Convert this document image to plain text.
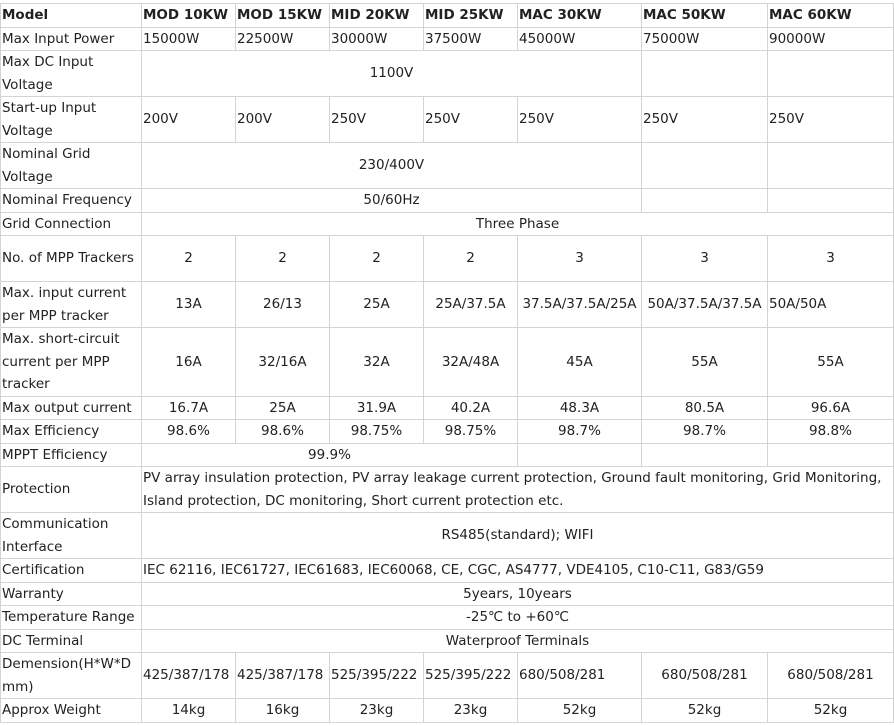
Model	MOD 10KW	MOD 15KW	MID 20KW	MID 25KW	MAC 30KW	MAC 50KW	MAC 60KW
Max Input Power	15000W	22500W	30000W	37500W	45000W	75000W	90000W
Max DC Input Voltage	1100V						
Start-up Input Voltage	200V	200V	250V	250V	250V	250V	250V
Nominal Grid Voltage	230/400V						
Nominal Frequency	50/60Hz						
Grid Connection	Three Phase						
No. of MPP Trackers	2	2	2	2	3	3	3
Max. input current per MPP tracker	13A	26/13	25A	25A/37.5A	37.5A/37.5A/25A	50A/37.5A/37.5A	50A/50A
Max. short-circuit current per MPP tracker	16A	32/16A	32A	32A/48A	45A	55A	55A
Max output current	16.7A	25A	31.9A	40.2A	48.3A	80.5A	96.6A
Max Efficiency	98.6%	98.6%	98.75%	98.75%	98.7%	98.7%	98.8%
MPPT Efficiency	99.9%						
Protection	PV array insulation protection, PV array leakage current protection, Ground fault monitoring, Grid Monitoring, Island protection, DC monitoring, Short current protection etc.						
Communication Interface	RS485(standard); WIFI						
Certification	IEC 62116, IEC61727, IEC61683, IEC60068, CE, CGC, AS4777, VDE4105, C10-C11, G83/G59						
Warranty	5years, 10years						
Temperature Range	-25℃ to +60℃						
DC Terminal	Waterproof Terminals						
Demension(H*W*D mm)	425/387/178	425/387/178	525/395/222	525/395/222	680/508/281	680/508/281	680/508/281
Approx Weight	14kg	16kg	23kg	23kg	52kg	52kg	52kg
